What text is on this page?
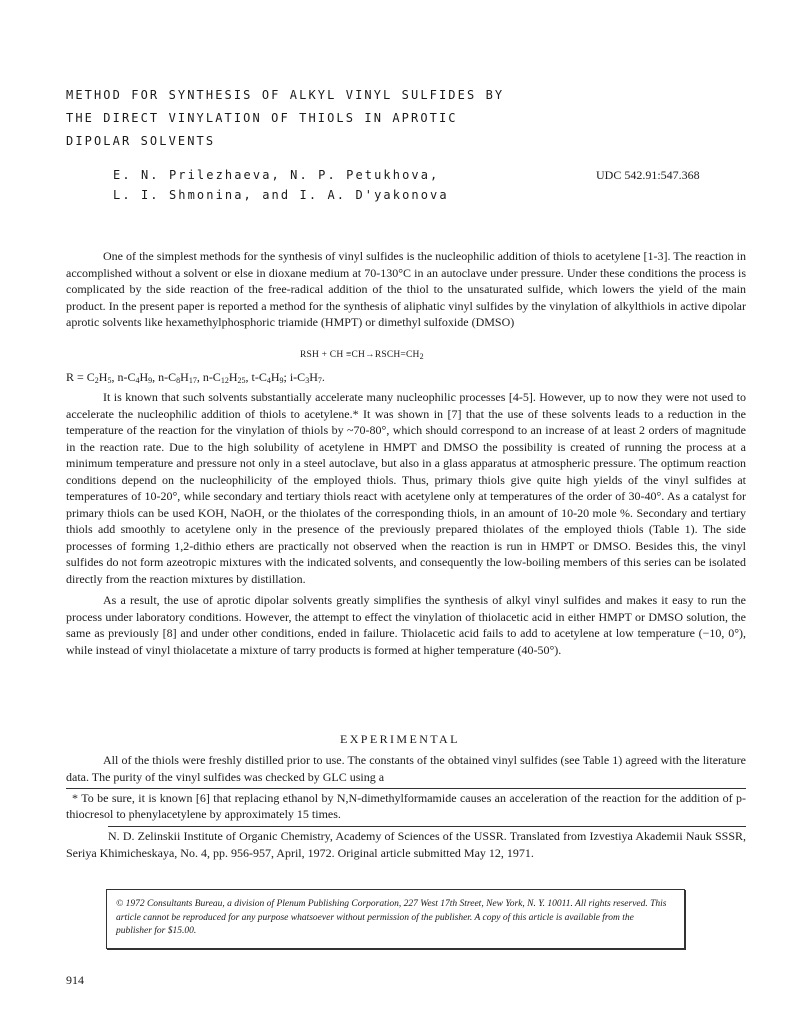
METHOD FOR SYNTHESIS OF ALKYL VINYL SULFIDES BY
THE DIRECT VINYLATION OF THIOLS IN APROTIC
DIPOLAR SOLVENTS
E. N. Prilezhaeva, N. P. Petukhova,
L. I. Shmonina, and I. A. D'yakonova
UDC 542.91:547.368

One of the simplest methods for the synthesis of vinyl sulfides is the nucleophilic addition of thiols to acetylene [1-3]. The reaction in accomplished without a solvent or else in dioxane medium at 70-130°C in an autoclave under pressure. Under these conditions the process is complicated by the side reaction of the free-radical addition of the thiol to the unsaturated sulfide, which lowers the yield of the main product. In the present paper is reported a method for the synthesis of aliphatic vinyl sulfides by the vinylation of alkylthiols in active dipolar aprotic solvents like hexamethylphosphoric triamide (HMPT) or dimethyl sulfoxide (DMSO)

RSH + CH $\equiv CH\to RSCH=CH_2$
$R = C_2H_5$, $n-C_4H_9$, $n-C_8H_{17}$, $n-C_{12}H_{25}$, $t-C_4H_9$; $i-C_3H_7$.

It is known that such solvents substantially accelerate many nucleophilic processes [4-5]. However, up to now they were not used to accelerate the nucleophilic addition of thiols to acetylene.* It was shown in [7] that the use of these solvents leads to a reduction in the temperature of the reaction for the vinylation of thiols by ~70-80°, which should correspond to an increase of at least 2 orders of magnitude in the reaction rate. Due to the high solubility of acetylene in HMPT and DMSO the possibility is created of running the process at a minimum temperature and pressure not only in a steel autoclave, but also in a glass apparatus at atmospheric pressure. The optimum reaction conditions depend on the nucleophilicity of the employed thiols. Thus, primary thiols give quite high yields of the vinyl sulfides at temperatures of 10-20°, while secondary and tertiary thiols react with acetylene only at temperatures of the order of 30-40°. As a catalyst for primary thiols can be used KOH, NaOH, or the thiolates of the corresponding thiols, in an amount of 10-20 mole %. Secondary and tertiary thiols add smoothly to acetylene only in the presence of the previously prepared thiolates of the employed thiols (Table 1). The side processes of forming 1,2-dithio ethers are practically not observed when the reaction is run in HMPT or DMSO. Besides this, the vinyl sulfides do not form azeotropic mixtures with the indicated solvents, and consequently the low-boiling members of this series can be isolated directly from the reaction mixtures by distillation.

As a result, the use of aprotic dipolar solvents greatly simplifies the synthesis of alkyl vinyl sulfides and makes it easy to run the process under laboratory conditions. However, the attempt to effect the vinylation of thiolacetic acid in either HMPT or DMSO solution, the same as previously [8] and under other conditions, ended in failure. Thiolacetic acid fails to add to acetylene at low temperature (−10, 0°), while instead of vinyl thiolacetate a mixture of tarry products is formed at higher temperature (40-50°).

EXPERIMENTAL

All of the thiols were freshly distilled prior to use. The constants of the obtained vinyl sulfides (see Table 1) agreed with the literature data. The purity of the vinyl sulfides was checked by GLC using a

* To be sure, it is known [6] that replacing ethanol by N,N-dimethylformamide causes an acceleration of the reaction for the addition of p-thiocresol to phenylacetylene by approximately 15 times.

N. D. Zelinskii Institute of Organic Chemistry, Academy of Sciences of the USSR. Translated from Izvestiya Akademii Nauk SSSR, Seriya Khimicheskaya, No. 4, pp. 956-957, April, 1972. Original article submitted May 12, 1971.

© 1972 Consultants Bureau, a division of Plenum Publishing Corporation, 227 West 17th Street, New York, N. Y. 10011. All rights reserved. This article cannot be reproduced for any purpose whatsoever without permission of the publisher. A copy of this article is available from the publisher for $15.00.
914
